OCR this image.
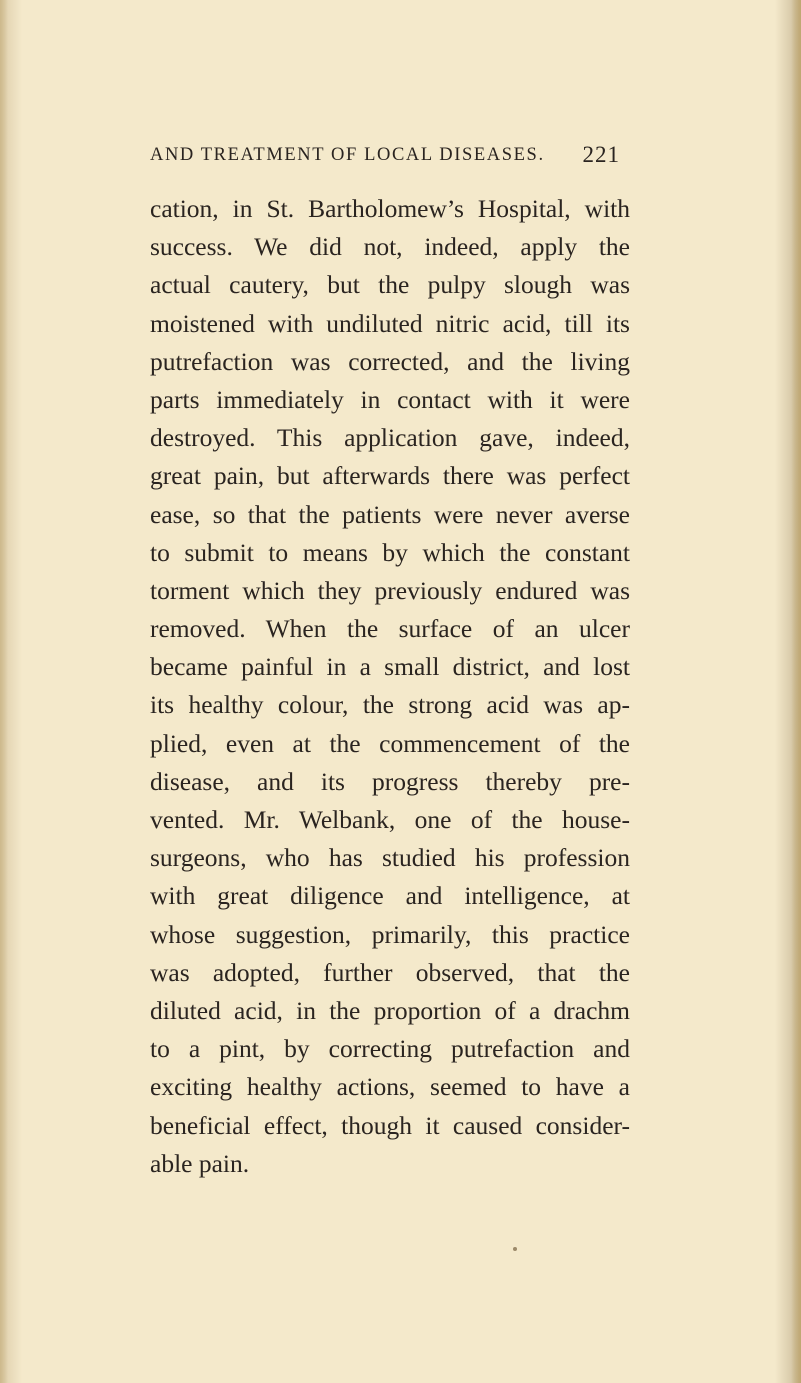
AND TREATMENT OF LOCAL DISEASES. 221
cation, in St. Bartholomew’s Hospital, with
success. We did not, indeed, apply the
actual cautery, but the pulpy slough was
moistened with undiluted nitric acid, till its
putrefaction was corrected, and the living
parts immediately in contact with it were
destroyed. This application gave, indeed,
great pain, but afterwards there was perfect
ease, so that the patients were never averse
to submit to means by which the constant
torment which they previously endured was
removed. When the surface of an ulcer
became painful in a small district, and lost
its healthy colour, the strong acid was ap-
plied, even at the commencement of the
disease, and its progress thereby pre-
vented. Mr. Welbank, one of the house-
surgeons, who has studied his profession
with great diligence and intelligence, at
whose suggestion, primarily, this practice
was adopted, further observed, that the
diluted acid, in the proportion of a drachm
to a pint, by correcting putrefaction and
exciting healthy actions, seemed to have a
beneficial effect, though it caused consider-
able pain.
